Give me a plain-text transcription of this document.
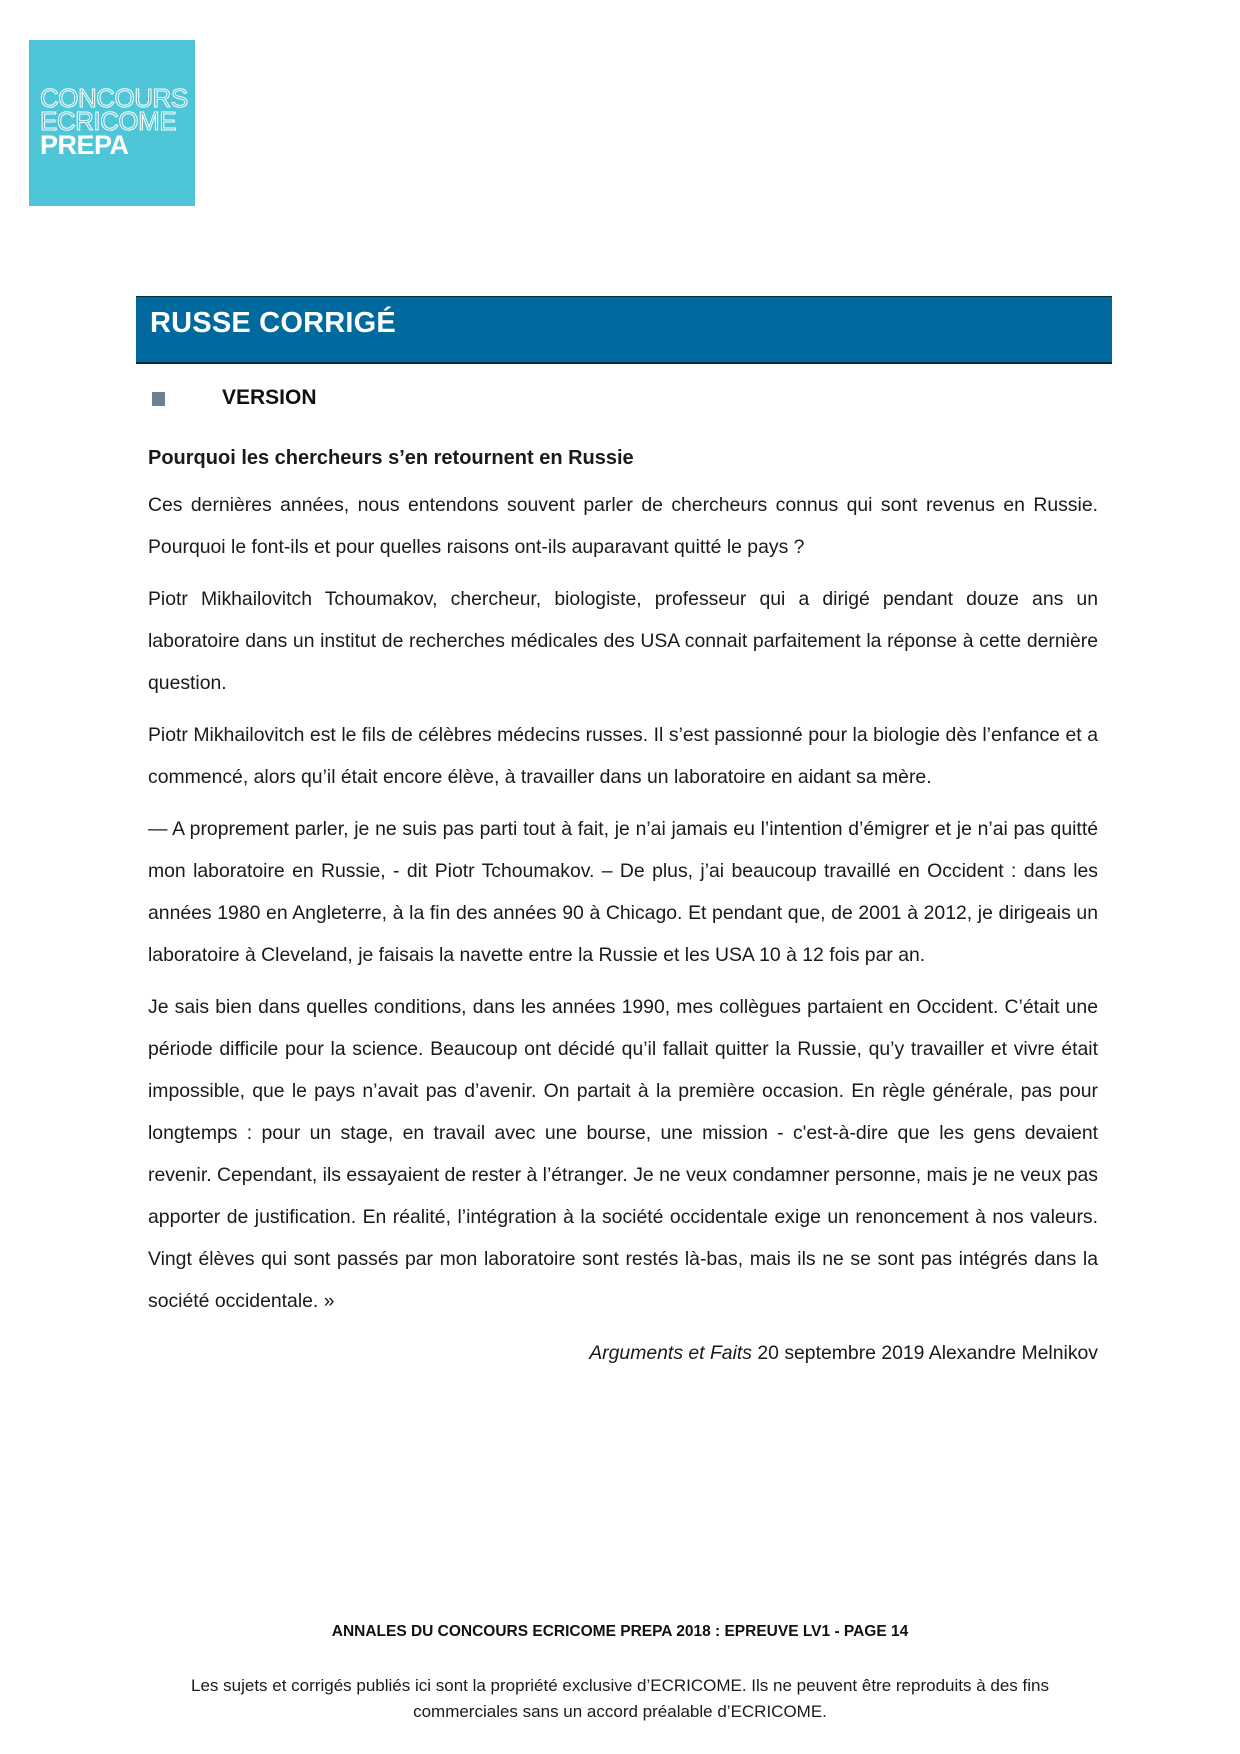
CONCOURS
ECRICOME
PREPA
RUSSE CORRIGÉ
VERSION
Pourquoi les chercheurs s’en retournent en Russie

Ces dernières années, nous entendons souvent parler de chercheurs connus qui sont revenus en Russie. Pourquoi le font-ils et pour quelles raisons ont-ils auparavant quitté le pays ?

Piotr Mikhailovitch Tchoumakov, chercheur, biologiste, professeur qui a dirigé pendant douze ans un laboratoire dans un institut de recherches médicales des USA connait parfaitement la réponse à cette dernière question.

Piotr Mikhailovitch est le fils de célèbres médecins russes. Il s’est passionné pour la biologie dès l’enfance et a commencé, alors qu’il était encore élève, à travailler dans un laboratoire en aidant sa mère.

— A proprement parler, je ne suis pas parti tout à fait, je n’ai jamais eu l’intention d’émigrer et je n’ai pas quitté mon laboratoire en Russie, - dit Piotr Tchoumakov. – De plus, j’ai beaucoup travaillé en Occident : dans les années 1980 en Angleterre, à la fin des années 90 à Chicago. Et pendant que, de 2001 à 2012, je dirigeais un laboratoire à Cleveland, je faisais la navette entre la Russie et les USA 10 à 12 fois par an.

Je sais bien dans quelles conditions, dans les années 1990, mes collègues partaient en Occident. C’était une période difficile pour la science. Beaucoup ont décidé qu’il fallait quitter la Russie, qu’y travailler et vivre était impossible, que le pays n’avait pas d’avenir. On partait à la première occasion. En règle générale, pas pour longtemps : pour un stage, en travail avec une bourse, une mission - c'est-à-dire que les gens devaient revenir. Cependant, ils essayaient de rester à l’étranger. Je ne veux condamner personne, mais je ne veux pas apporter de justification. En réalité, l’intégration à la société occidentale exige un renoncement à nos valeurs. Vingt élèves qui sont passés par mon laboratoire sont restés là-bas, mais ils ne se sont pas intégrés dans la société occidentale. »

Arguments et Faits 20 septembre 2019 Alexandre Melnikov
ANNALES DU CONCOURS ECRICOME PREPA 2018 : EPREUVE LV1 - PAGE 14
Les sujets et corrigés publiés ici sont la propriété exclusive d’ECRICOME. Ils ne peuvent être reproduits à des fins commerciales sans un accord préalable d’ECRICOME.
